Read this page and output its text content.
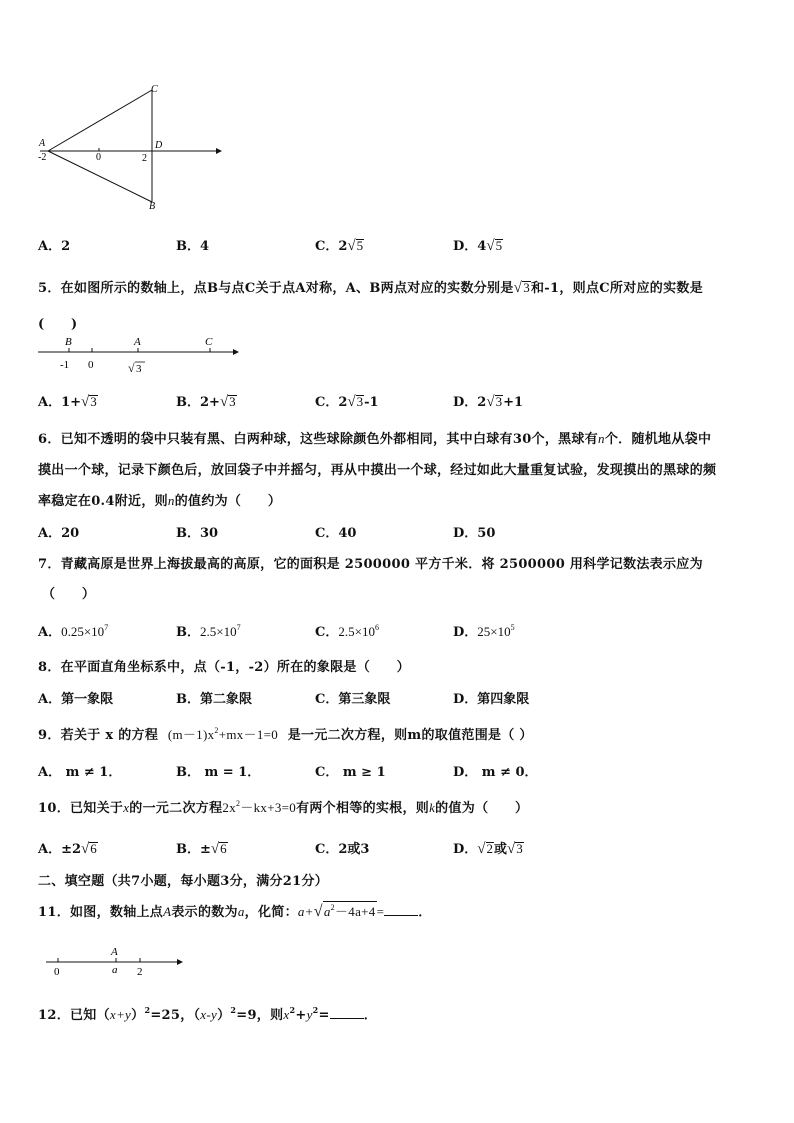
C
A	D
B
-2	0	2
A．2	B．4	C．2√5	D．4√5
5．在如图所示的数轴上，点B与点C关于点A对称，A、B两点对应的实数分别是√3和-1，则点C所对应的实数是
(　　)
B	A	C
-1 0	√ 3
A．1+√3	B．2+√3	C．2√3-1	D．2√3+1
6．已知不透明的袋中只装有黑、白两种球，这些球除颜色外都相同，其中白球有30个，黑球有n个．随机地从袋中
摸出一个球，记录下颜色后，放回袋子中并摇匀，再从中摸出一个球，经过如此大量重复试验，发现摸出的黑球的频
率稳定在0.4附近，则n的值约为（　　）
A．20	B．30	C．40	D．50
7．青藏高原是世界上海拔最高的高原，它的面积是 2500000 平方千米．将 2500000 用科学记数法表示应为
（　　）
A．$0.25\times 10^7$	B．$2.5\times 10^7$	C．$2.5\times 10^6$	D．$25\times 10^5$
8．在平面直角坐标系中，点（-1，-2）所在的象限是（　　）
A．第一象限	B．第二象限	C．第三象限	D．第四象限
9．若关于 x 的方程 $(m-1)x^2+mx-1=0$ 是一元二次方程，则m的取值范围是（ ）
A． m ≠ 1．	B． m = 1．	C． m ≥ 1	D． m ≠ 0．
10．已知关于x的一元二次方程$2x^2-kx+3=0$有两个相等的实根，则k的值为（　　）
A．±2√6	B．±√6	C．2或3	D．√2或√3
二、填空题（共7小题，每小题3分，满分21分）
11．如图，数轴上点A表示的数为a，化简：$a+√a^2-4a+4=$	．
A
0	a 2
12．已知$(x+y)^2=25$，$(x-y)^2=9$，则$x^2+y^2=$	．
